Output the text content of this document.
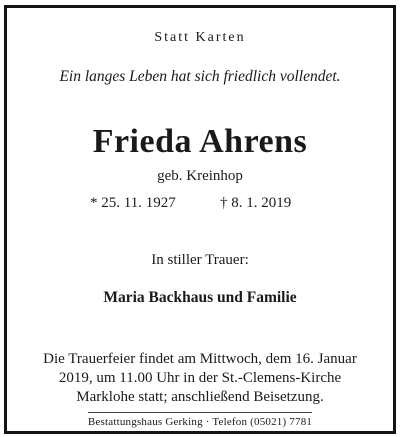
Statt Karten
Ein langes Leben hat sich friedlich vollendet.
Frieda Ahrens
geb. Kreinhop
* 25. 11. 1927	† 8. 1. 2019
In stiller Trauer:
Maria Backhaus und Familie
Die Trauerfeier findet am Mittwoch, dem 16. Januar
2019, um 11.00 Uhr in der St.-Clemens-Kirche
Marklohe statt; anschließend Beisetzung.
Bestattungshaus Gerking · Telefon (05021) 7781
